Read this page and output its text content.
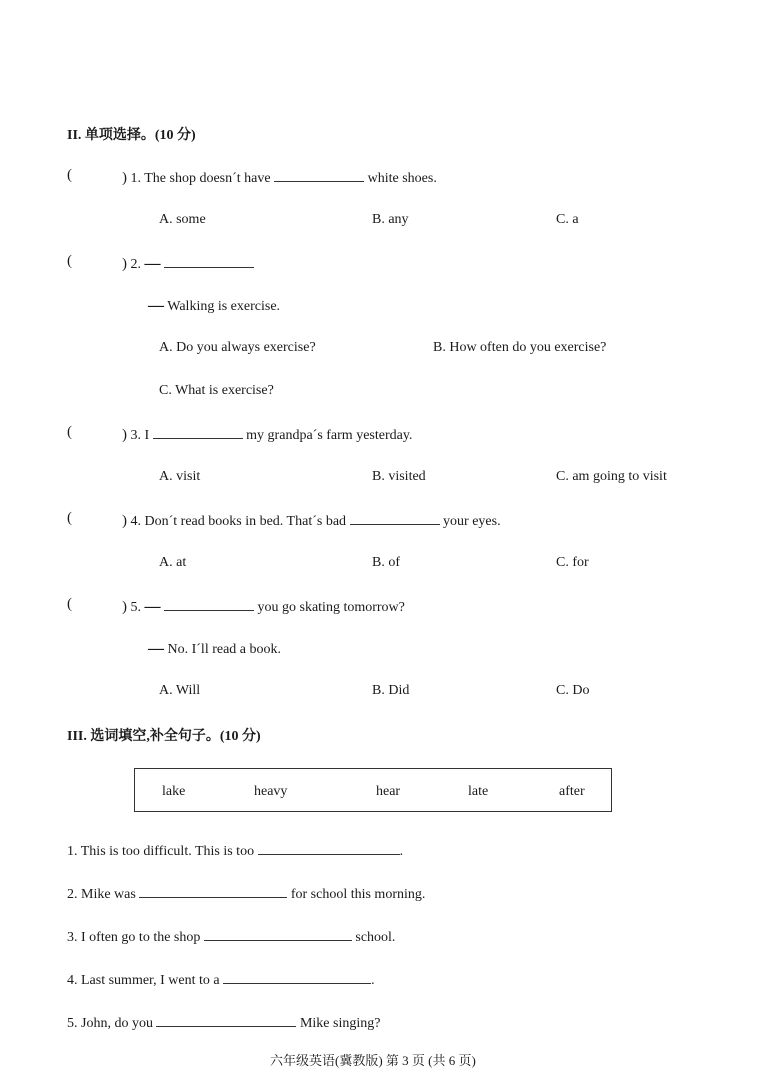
II. 单项选择。(10 分)
(	) 1. The shop doesn´t have	white shoes.
A. some	B. any	C. a
(	) 2. —
— Walking is exercise.
A. Do you always exercise?	B. How often do you exercise?
C. What is exercise?
(	) 3. I	my grandpa´s farm yesterday.
A. visit	B. visited	C. am going to visit
(	) 4. Don´t read books in bed. That´s bad	your eyes.
A. at	B. of	C. for
(	) 5. —	you go skating tomorrow?
— No. I´ll read a book.
A. Will	B. Did	C. Do
III. 选词填空,补全句子。(10 分)
lake	heavy	hear	late	after
1. This is too difficult. This is too	.
2. Mike was	for school this morning.
3. I often go to the shop	school.
4. Last summer, I went to a	.
5. John, do you	Mike singing?
六年级英语(冀教版) 第 3 页 (共 6 页)
